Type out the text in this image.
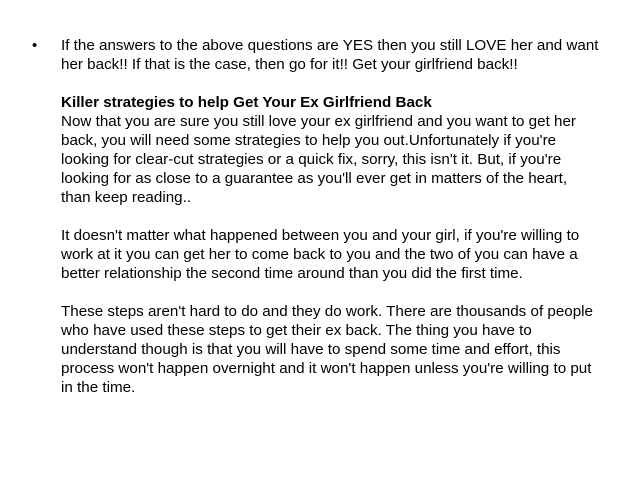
• If the answers to the above questions are YES then you still LOVE her and want her back!! If that is the case, then go for it!! Get your girlfriend back!!

Killer strategies to help Get Your Ex Girlfriend Back

Now that you are sure you still love your ex girlfriend and you want to get her back, you will need some strategies to help you out.Unfortunately if you're looking for clear-cut strategies or a quick fix, sorry, this isn't it. But, if you're looking for as close to a guarantee as you'll ever get in matters of the heart, than keep reading..

It doesn't matter what happened between you and your girl, if you're willing to work at it you can get her to come back to you and the two of you can have a better relationship the second time around than you did the first time.

These steps aren't hard to do and they do work. There are thousands of people who have used these steps to get their ex back. The thing you have to understand though is that you will have to spend some time and effort, this process won't happen overnight and it won't happen unless you're willing to put in the time.
